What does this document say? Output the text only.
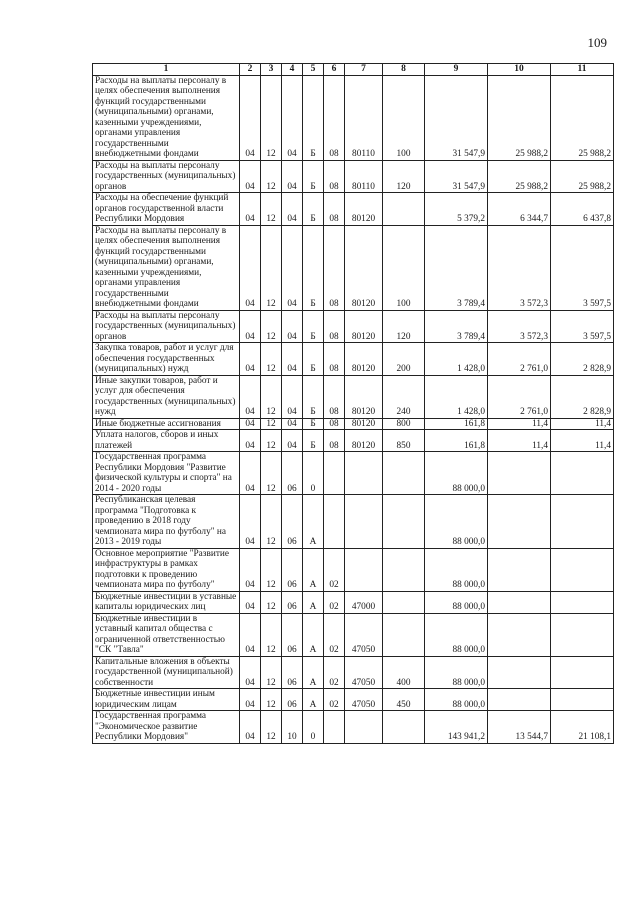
109
1	2	3	4	5	6	7	8	9	10	11
Расходы на выплаты персоналу в целях обеспечения выполнения функций государственными (муниципальными) органами, казенными учреждениями, органами управления государственными внебюджетными фондами	04	12	04	Б	08	80110	100	31 547,9	25 988,2	25 988,2
Расходы на выплаты персоналу государственных (муниципальных) органов	04	12	04	Б	08	80110	120	31 547,9	25 988,2	25 988,2
Расходы на обеспечение функций органов государственной власти Республики Мордовия	04	12	04	Б	08	80120		5 379,2	6 344,7	6 437,8
Расходы на выплаты персоналу в целях обеспечения выполнения функций государственными (муниципальными) органами, казенными учреждениями, органами управления государственными внебюджетными фондами	04	12	04	Б	08	80120	100	3 789,4	3 572,3	3 597,5
Расходы на выплаты персоналу государственных (муниципальных) органов	04	12	04	Б	08	80120	120	3 789,4	3 572,3	3 597,5
Закупка товаров, работ и услуг для обеспечения государственных (муниципальных) нужд	04	12	04	Б	08	80120	200	1 428,0	2 761,0	2 828,9
Иные закупки товаров, работ и услуг для обеспечения государственных (муниципальных) нужд	04	12	04	Б	08	80120	240	1 428,0	2 761,0	2 828,9
Иные бюджетные ассигнования	04	12	04	Б	08	80120	800	161,8	11,4	11,4
Уплата налогов, сборов и иных платежей	04	12	04	Б	08	80120	850	161,8	11,4	11,4
Государственная программа Республики Мордовия "Развитие физической культуры и спорта" на 2014 - 2020 годы	04	12	06	0				88 000,0		
Республиканская целевая программа "Подготовка к проведению в 2018 году чемпионата мира по футболу" на 2013 - 2019 годы	04	12	06	А				88 000,0		
Основное мероприятие "Развитие инфраструктуры в рамках подготовки к проведению чемпионата мира по футболу"	04	12	06	А	02			88 000,0		
Бюджетные инвестиции в уставные капиталы юридических лиц	04	12	06	А	02	47000		88 000,0		
Бюджетные инвестиции в уставный капитал общества с ограниченной ответственностью "СК "Тавла"	04	12	06	А	02	47050		88 000,0		
Капитальные вложения в объекты государственной (муниципальной) собственности	04	12	06	А	02	47050	400	88 000,0		
Бюджетные инвестиции иным юридическим лицам	04	12	06	А	02	47050	450	88 000,0		
Государственная программа "Экономическое развитие Республики Мордовия"	04	12	10	0				143 941,2	13 544,7	21 108,1
